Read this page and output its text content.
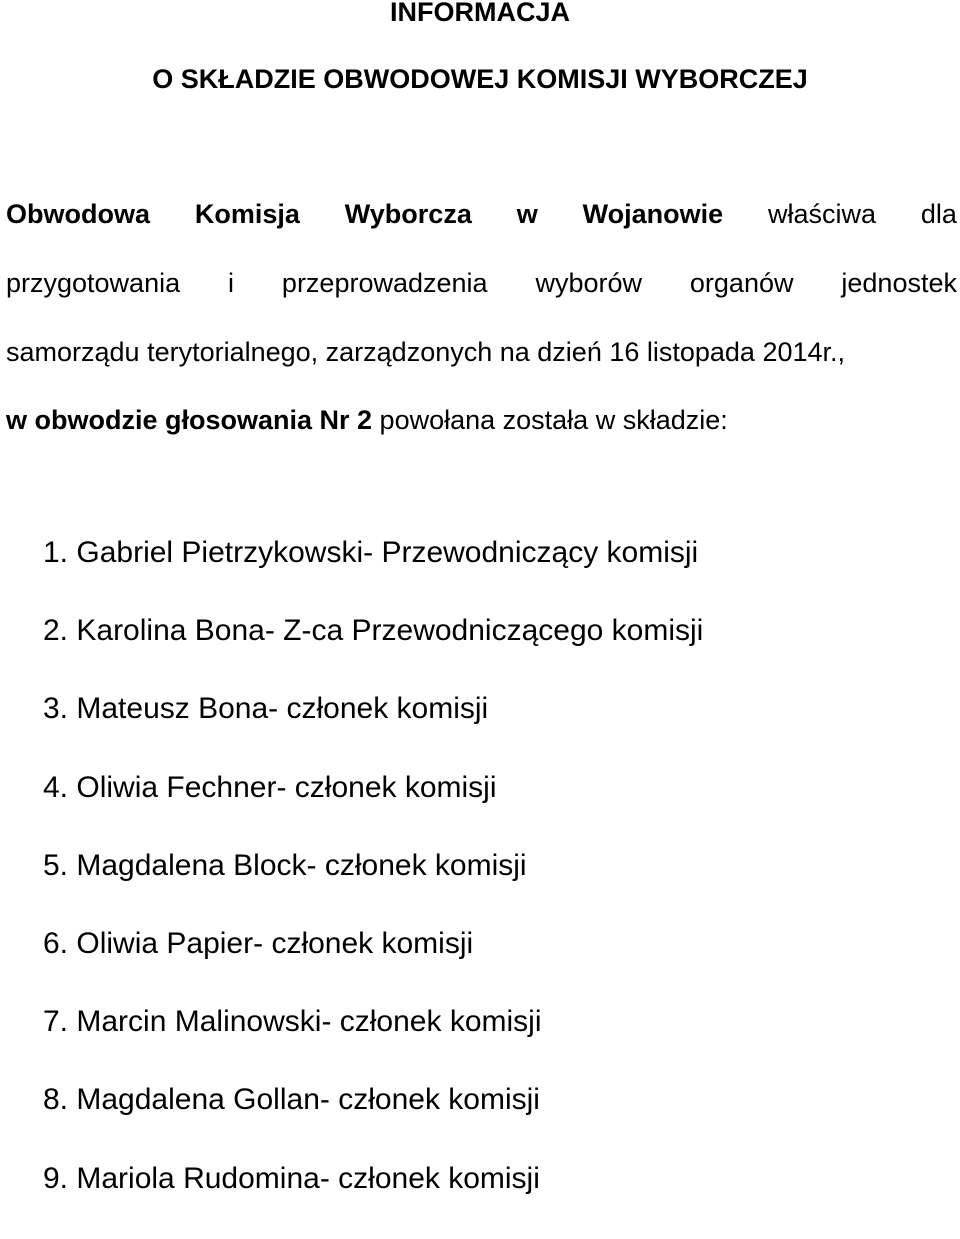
INFORMACJA
O SKŁADZIE OBWODOWEJ KOMISJI WYBORCZEJ
Obwodowa Komisja Wyborcza w Wojanowie właściwa dla
przygotowania i przeprowadzenia wyborów organów jednostek
samorządu terytorialnego, zarządzonych na dzień 16 listopada 2014r.,
w obwodzie głosowania Nr 2 powołana została w składzie:
1. Gabriel Pietrzykowski- Przewodniczący komisji
2. Karolina Bona- Z-ca Przewodniczącego komisji
3. Mateusz Bona- członek komisji
4. Oliwia Fechner- członek komisji
5. Magdalena Block- członek komisji
6. Oliwia Papier- członek komisji
7. Marcin Malinowski- członek komisji
8. Magdalena Gollan- członek komisji
9. Mariola Rudomina- członek komisji
